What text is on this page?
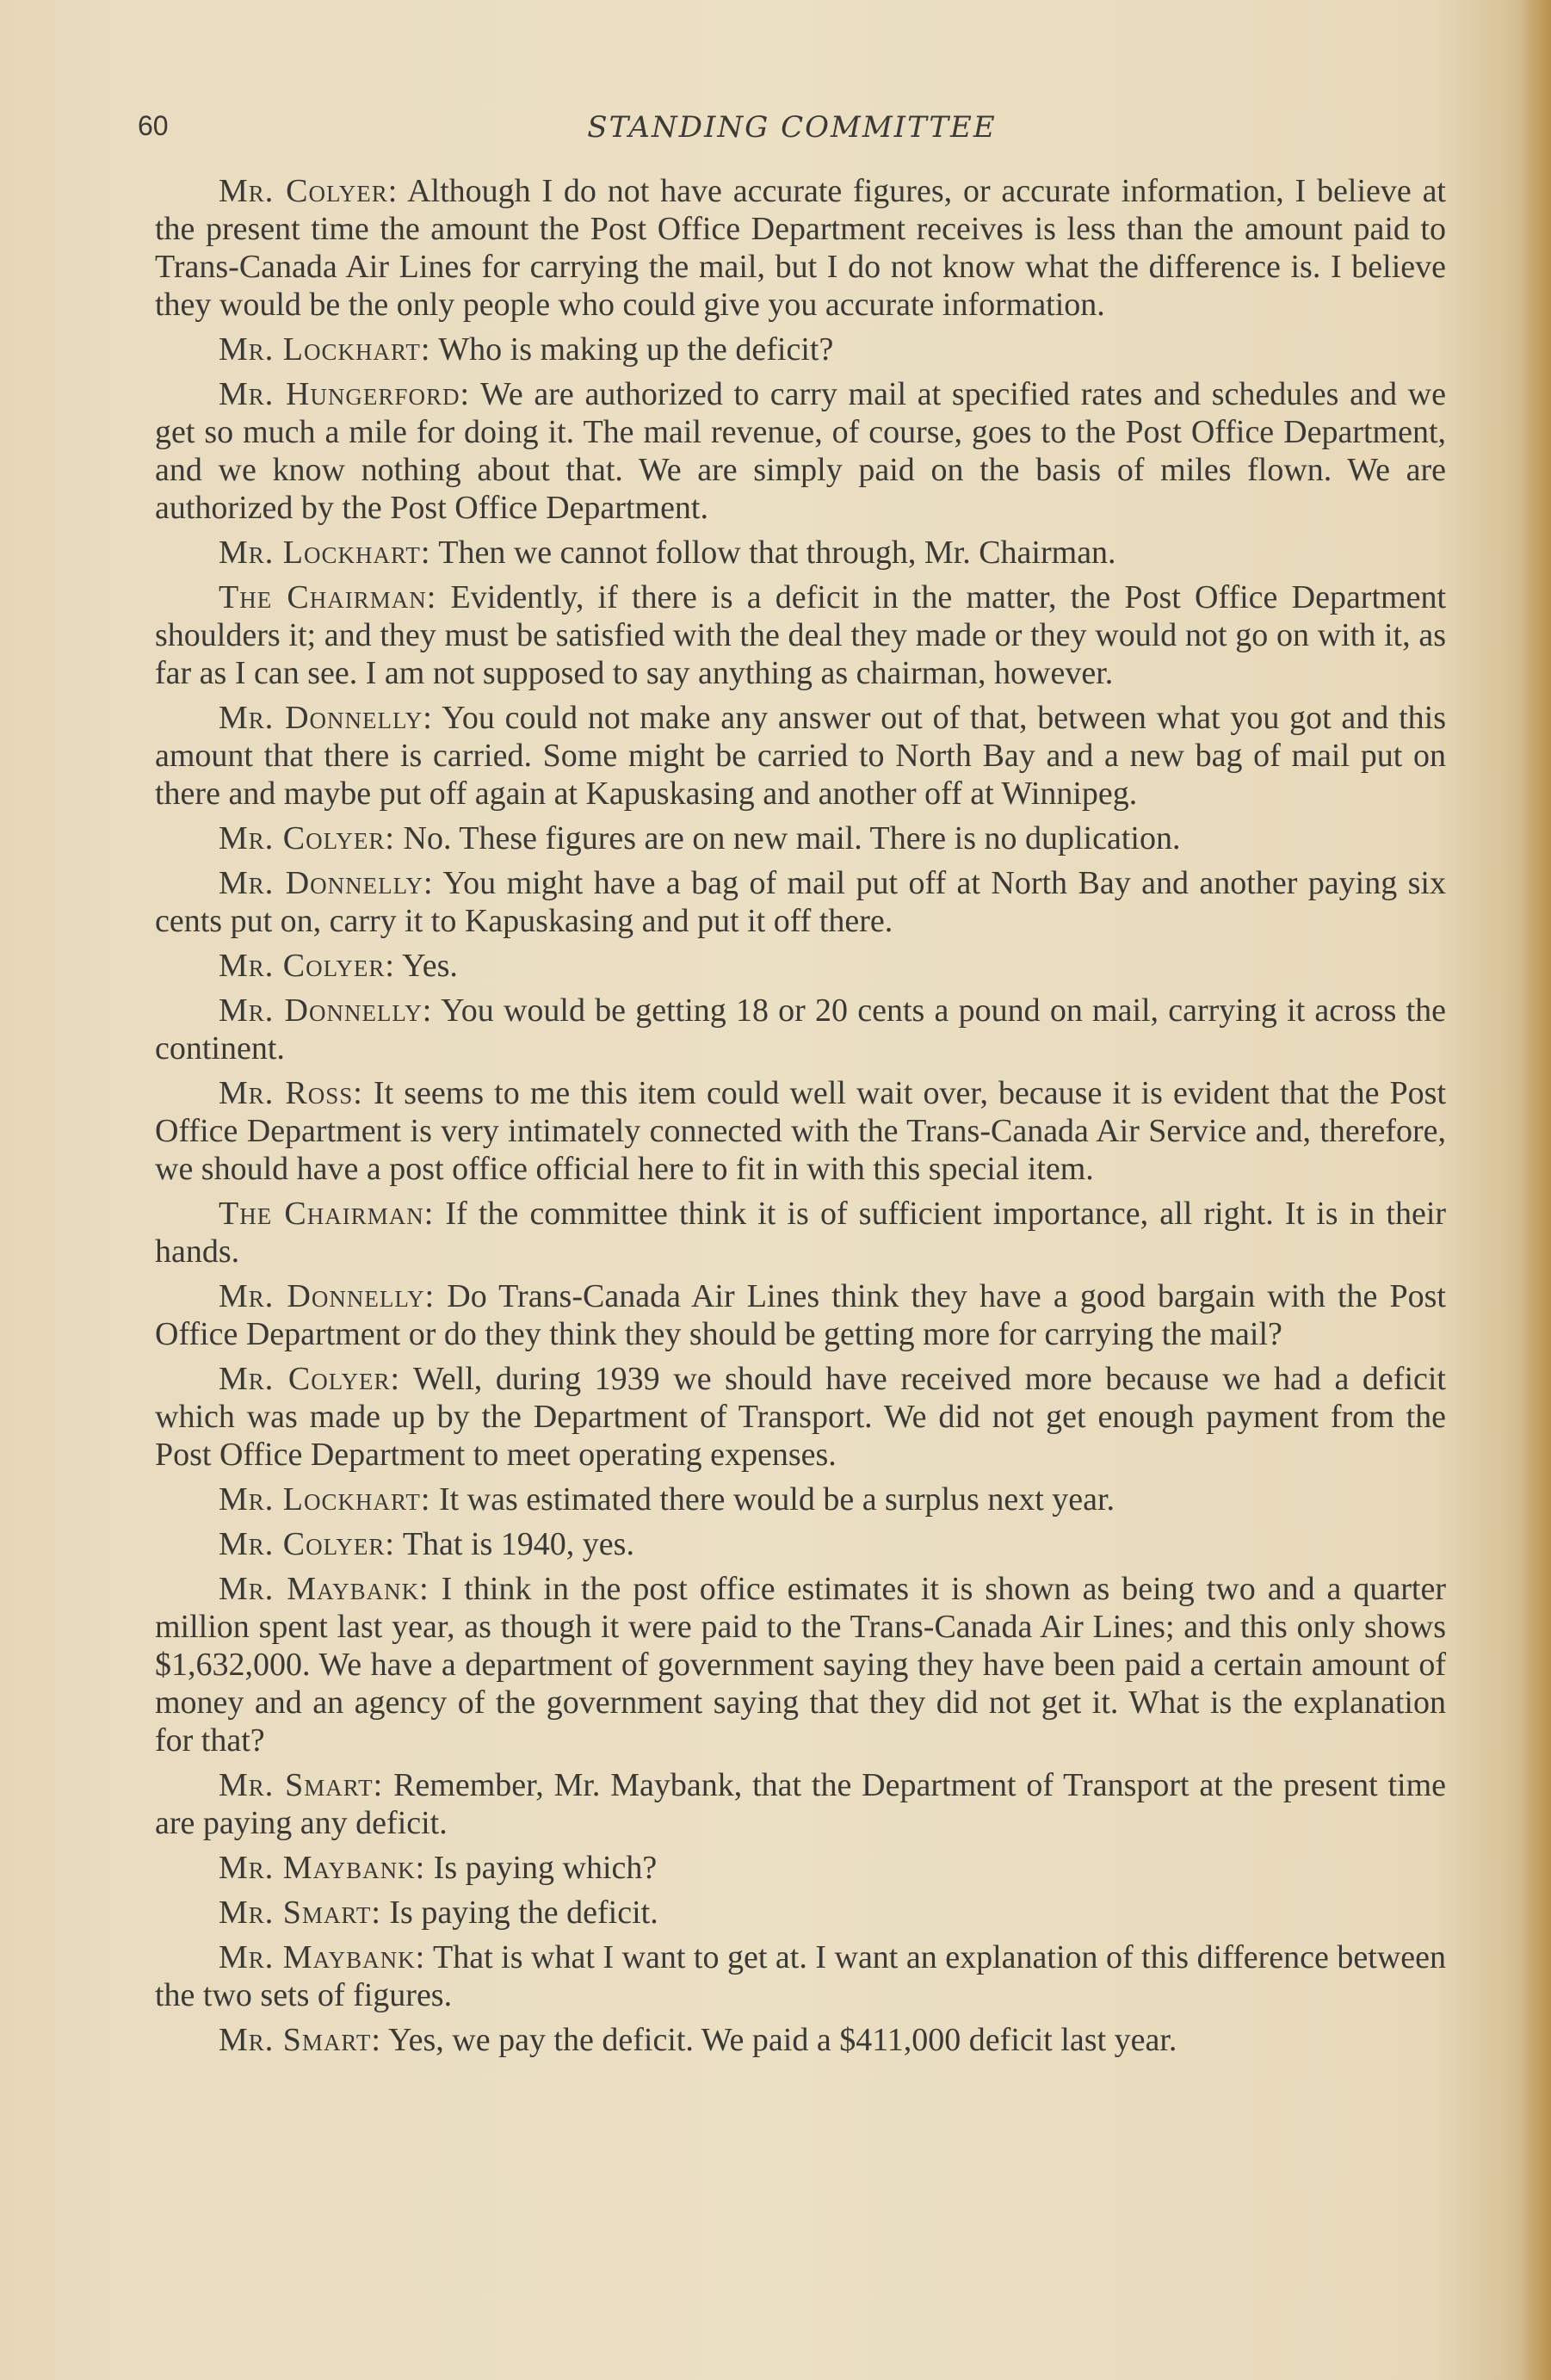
60	STANDING COMMITTEE

Mr. Colyer: Although I do not have accurate figures, or accurate information, I believe at the present time the amount the Post Office Department receives is less than the amount paid to Trans-Canada Air Lines for carrying the mail, but I do not know what the difference is. I believe they would be the only people who could give you accurate information.

Mr. Lockhart: Who is making up the deficit?

Mr. Hungerford: We are authorized to carry mail at specified rates and schedules and we get so much a mile for doing it. The mail revenue, of course, goes to the Post Office Department, and we know nothing about that. We are simply paid on the basis of miles flown. We are authorized by the Post Office Department.

Mr. Lockhart: Then we cannot follow that through, Mr. Chairman.

The Chairman: Evidently, if there is a deficit in the matter, the Post Office Department shoulders it; and they must be satisfied with the deal they made or they would not go on with it, as far as I can see. I am not supposed to say anything as chairman, however.

Mr. Donnelly: You could not make any answer out of that, between what you got and this amount that there is carried. Some might be carried to North Bay and a new bag of mail put on there and maybe put off again at Kapuskasing and another off at Winnipeg.

Mr. Colyer: No. These figures are on new mail. There is no duplication.

Mr. Donnelly: You might have a bag of mail put off at North Bay and another paying six cents put on, carry it to Kapuskasing and put it off there.

Mr. Colyer: Yes.

Mr. Donnelly: You would be getting 18 or 20 cents a pound on mail, carrying it across the continent.

Mr. Ross: It seems to me this item could well wait over, because it is evident that the Post Office Department is very intimately connected with the Trans-Canada Air Service and, therefore, we should have a post office official here to fit in with this special item.

The Chairman: If the committee think it is of sufficient importance, all right. It is in their hands.

Mr. Donnelly: Do Trans-Canada Air Lines think they have a good bargain with the Post Office Department or do they think they should be getting more for carrying the mail?

Mr. Colyer: Well, during 1939 we should have received more because we had a deficit which was made up by the Department of Transport. We did not get enough payment from the Post Office Department to meet operating expenses.

Mr. Lockhart: It was estimated there would be a surplus next year.

Mr. Colyer: That is 1940, yes.

Mr. Maybank: I think in the post office estimates it is shown as being two and a quarter million spent last year, as though it were paid to the Trans-Canada Air Lines; and this only shows $1,632,000. We have a department of government saying they have been paid a certain amount of money and an agency of the government saying that they did not get it. What is the explanation for that?

Mr. Smart: Remember, Mr. Maybank, that the Department of Transport at the present time are paying any deficit.

Mr. Maybank: Is paying which?

Mr. Smart: Is paying the deficit.

Mr. Maybank: That is what I want to get at. I want an explanation of this difference between the two sets of figures.

Mr. Smart: Yes, we pay the deficit. We paid a $411,000 deficit last year.
